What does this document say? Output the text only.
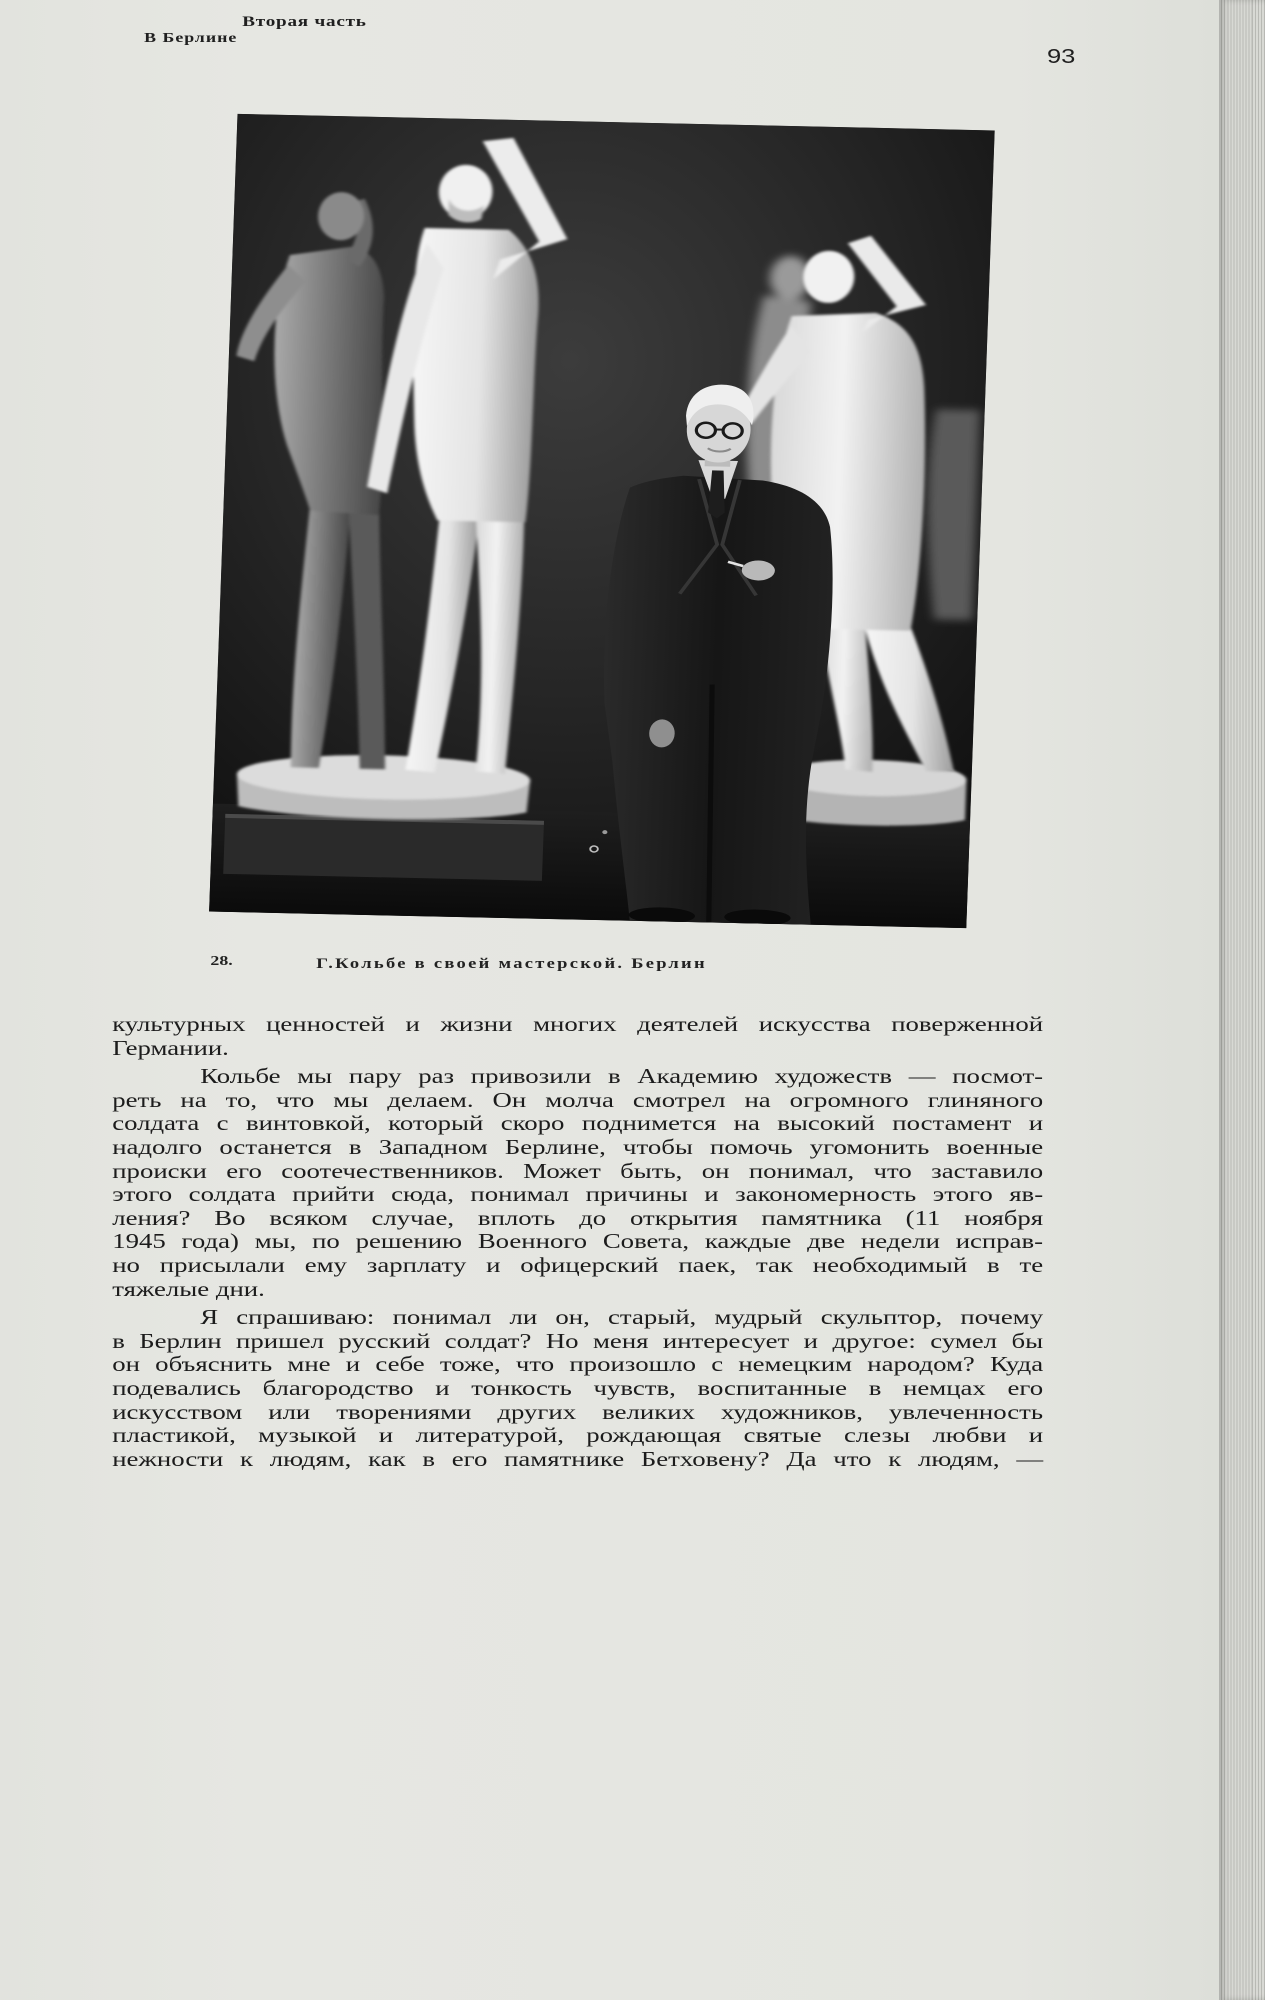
Вторая часть
В Берлине
93
28.	Г.Кольбе в своей мастерской. Берлин
культурных ценностей и жизни многих деятелей искусства поверженной
Германии.
Кольбе мы пару раз привозили в Академию художеств — посмот-
реть на то, что мы делаем. Он молча смотрел на огромного глиняного
солдата с винтовкой, который скоро поднимется на высокий постамент и
надолго останется в Западном Берлине, чтобы помочь угомонить военные
происки его соотечественников. Может быть, он понимал, что заставило
этого солдата прийти сюда, понимал причины и закономерность этого яв-
ления? Во всяком случае, вплоть до открытия памятника (11 ноября
1945 года) мы, по решению Военного Совета, каждые две недели исправ-
но присылали ему зарплату и офицерский паек, так необходимый в те
тяжелые дни.
Я спрашиваю: понимал ли он, старый, мудрый скульптор, почему
в Берлин пришел русский солдат? Но меня интересует и другое: сумел бы
он объяснить мне и себе тоже, что произошло с немецким народом? Куда
подевались благородство и тонкость чувств, воспитанные в немцах его
искусством или творениями других великих художников, увлеченность
пластикой, музыкой и литературой, рождающая святые слезы любви и
нежности к людям, как в его памятнике Бетховену? Да что к людям, —
